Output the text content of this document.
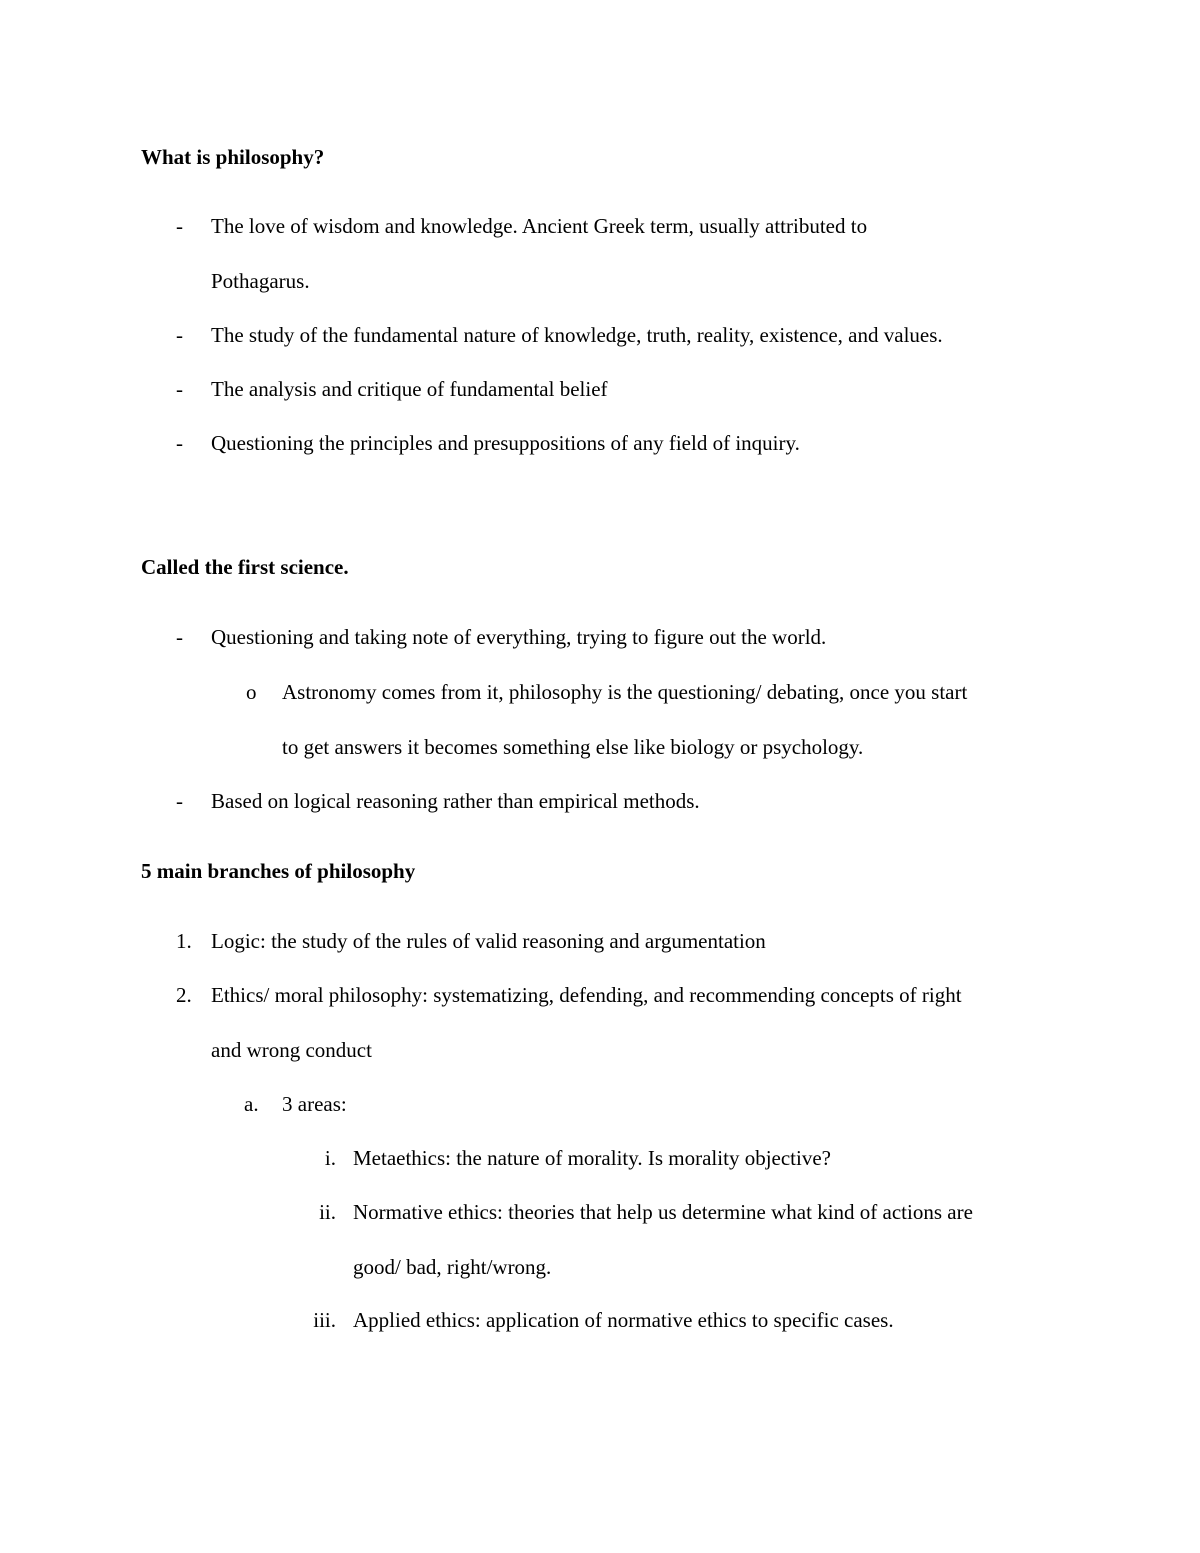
What is philosophy?
- The love of wisdom and knowledge. Ancient Greek term, usually attributed to
Pothagarus.
- The study of the fundamental nature of knowledge, truth, reality, existence, and values.
- The analysis and critique of fundamental belief
- Questioning the principles and presuppositions of any field of inquiry.
Called the first science.
- Questioning and taking note of everything, trying to figure out the world.
o Astronomy comes from it, philosophy is the questioning/ debating, once you start
to get answers it becomes something else like biology or psychology.
- Based on logical reasoning rather than empirical methods.
5 main branches of philosophy
1. Logic: the study of the rules of valid reasoning and argumentation
2. Ethics/ moral philosophy: systematizing, defending, and recommending concepts of right
and wrong conduct
a. 3 areas:
i. Metaethics: the nature of morality. Is morality objective?
ii. Normative ethics: theories that help us determine what kind of actions are
good/ bad, right/wrong.
iii. Applied ethics: application of normative ethics to specific cases.
